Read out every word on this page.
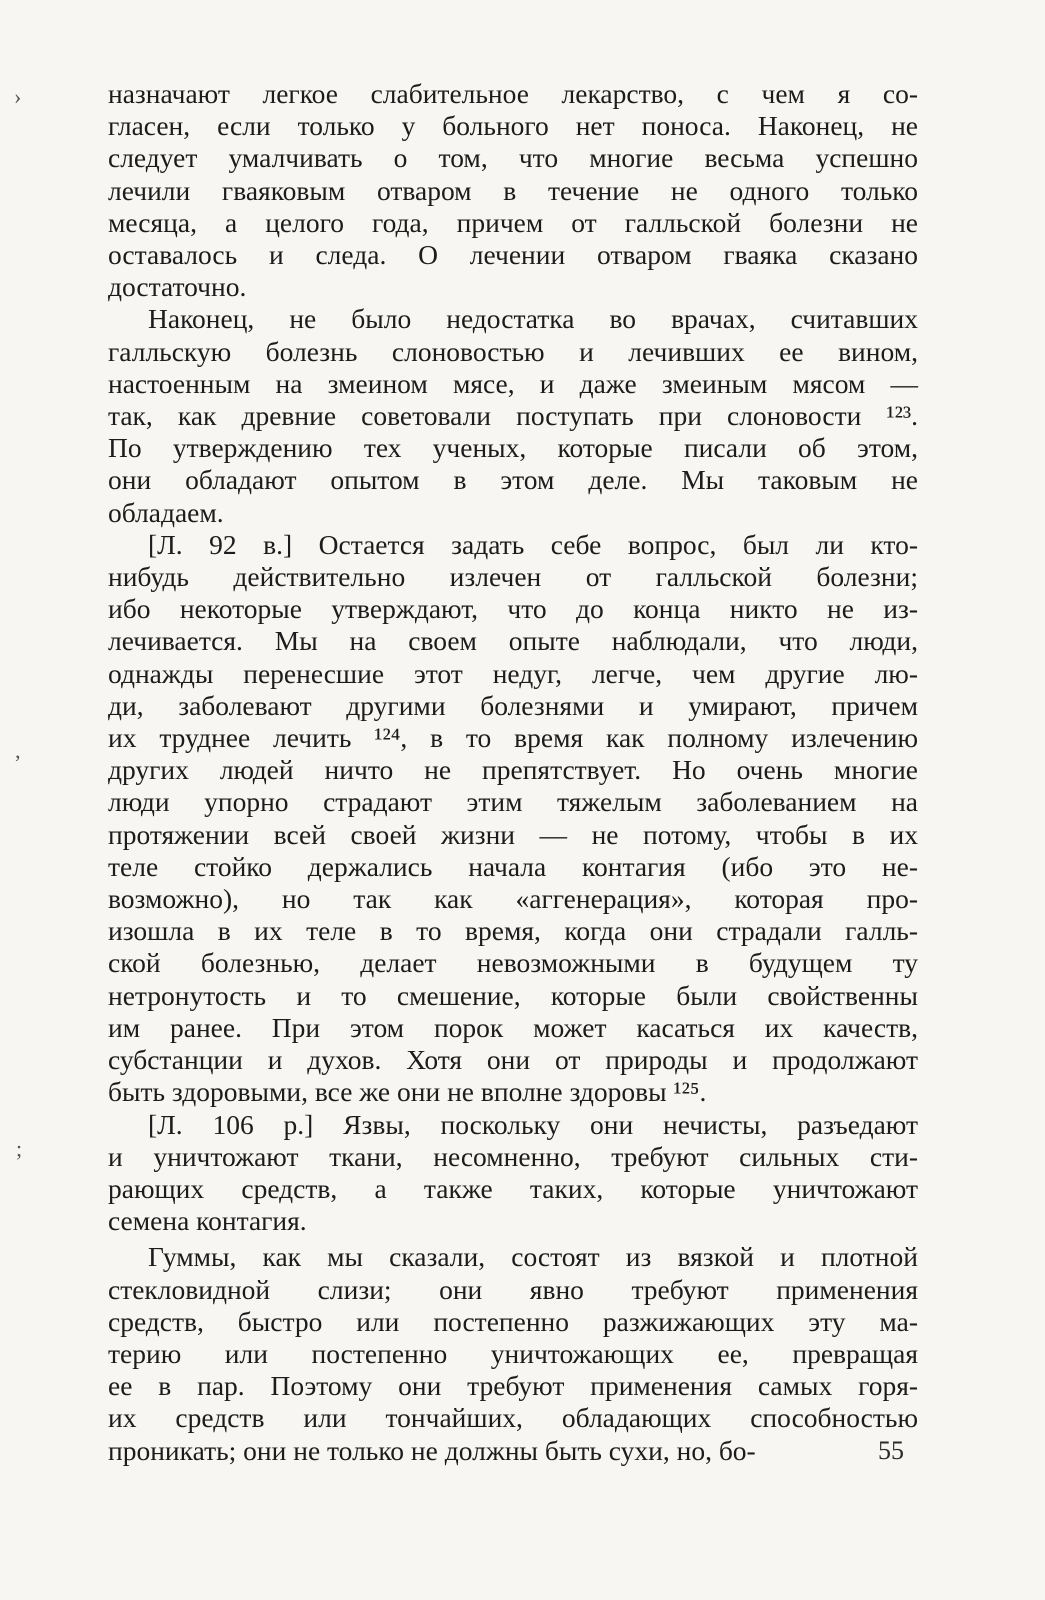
назначают легкое слабительное лекарство, с чем я со-
гласен, если только у больного нет поноса. Наконец, не
следует умалчивать о том, что многие весьма успешно
лечили гваяковым отваром в течение не одного только
месяца, а целого года, причем от галльской болезни не
оставалось и следа. О лечении отваром гваяка сказано
достаточно.
Наконец, не было недостатка во врачах, считавших
галльскую болезнь слоновостью и лечивших ее вином,
настоенным на змеином мясе, и даже змеиным мясом —
так, как древние советовали поступать при слоновости ¹²³.
По утверждению тех ученых, которые писали об этом,
они обладают опытом в этом деле. Мы таковым не
обладаем.
[Л. 92 в.] Остается задать себе вопрос, был ли кто-
нибудь действительно излечен от галльской болезни;
ибо некоторые утверждают, что до конца никто не из-
лечивается. Мы на своем опыте наблюдали, что люди,
однажды перенесшие этот недуг, легче, чем другие лю-
ди, заболевают другими болезнями и умирают, причем
их труднее лечить ¹²⁴, в то время как полному излечению
других людей ничто не препятствует. Но очень многие
люди упорно страдают этим тяжелым заболеванием на
протяжении всей своей жизни — не потому, чтобы в их
теле стойко держались начала контагия (ибо это не-
возможно), но так как «аггенерация», которая про-
изошла в их теле в то время, когда они страдали галль-
ской болезнью, делает невозможными в будущем ту
нетронутость и то смешение, которые были свойственны
им ранее. При этом порок может касаться их качеств,
субстанции и духов. Хотя они от природы и продолжают
быть здоровыми, все же они не вполне здоровы ¹²⁵.
[Л. 106 р.] Язвы, поскольку они нечисты, разъедают
и уничтожают ткани, несомненно, требуют сильных сти-
рающих средств, а также таких, которые уничтожают
семена контагия.
Гуммы, как мы сказали, состоят из вязкой и плотной
стекловидной слизи; они явно требуют применения
средств, быстро или постепенно разжижающих эту ма-
терию или постепенно уничтожающих ее, превращая
ее в пар. Поэтому они требуют применения самых горя-
их средств или тончайших, обладающих способностью
проникать; они не только не должны быть сухи, но, бо-	55
›
‚
;
